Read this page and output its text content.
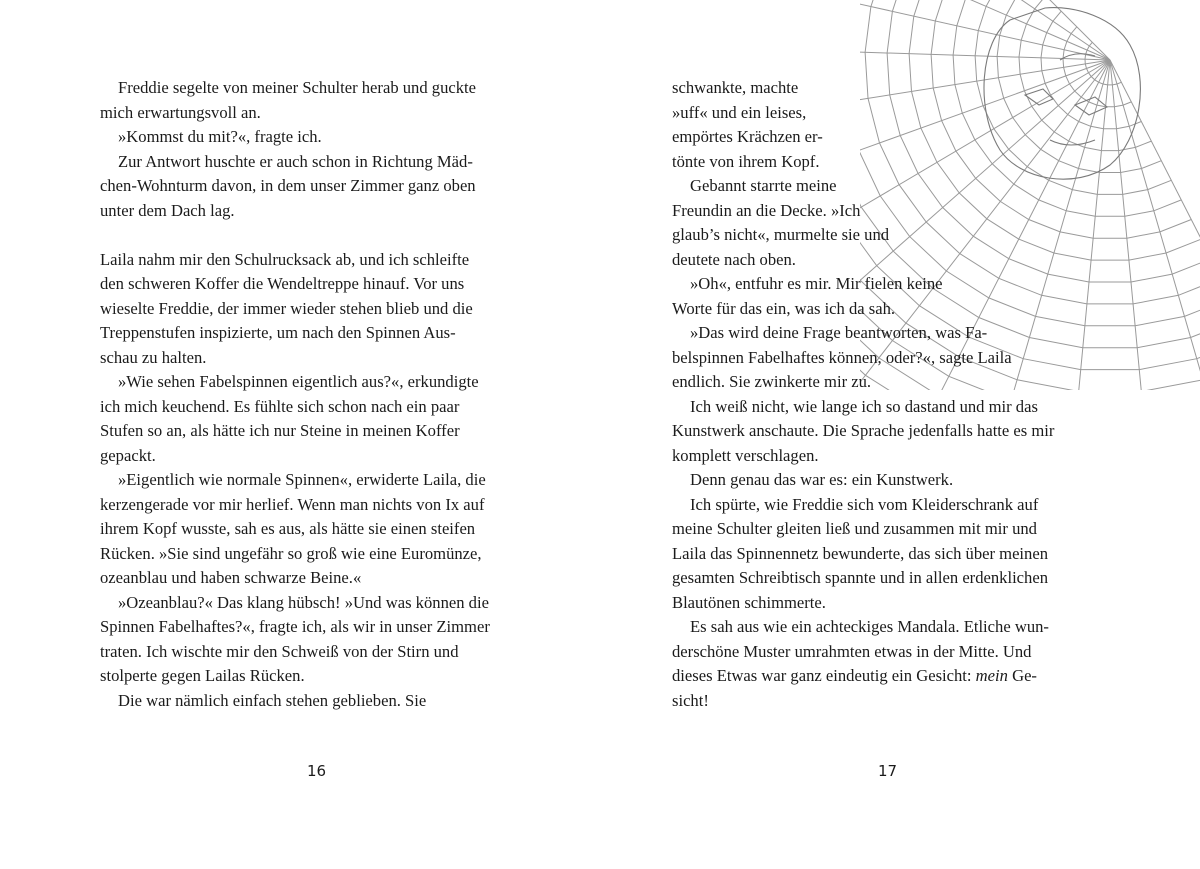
Freddie segelte von meiner Schulter herab und guckte
mich erwartungsvoll an.
»Kommst du mit?«, fragte ich.
Zur Antwort huschte er auch schon in Richtung Mäd-
chen-Wohnturm davon, in dem unser Zimmer ganz oben
unter dem Dach lag.
Laila nahm mir den Schulrucksack ab, und ich schleifte
den schweren Koffer die Wendeltreppe hinauf. Vor uns
wieselte Freddie, der immer wieder stehen blieb und die
Treppenstufen inspizierte, um nach den Spinnen Aus-
schau zu halten.
»Wie sehen Fabelspinnen eigentlich aus?«, erkundigte
ich mich keuchend. Es fühlte sich schon nach ein paar
Stufen so an, als hätte ich nur Steine in meinen Koffer
gepackt.
»Eigentlich wie normale Spinnen«, erwiderte Laila, die
kerzengerade vor mir herlief. Wenn man nichts von Ix auf
ihrem Kopf wusste, sah es aus, als hätte sie einen steifen
Rücken. »Sie sind ungefähr so groß wie eine Euromünze,
ozeanblau und haben schwarze Beine.«
»Ozeanblau?« Das klang hübsch! »Und was können die
Spinnen Fabelhaftes?«, fragte ich, als wir in unser Zimmer
traten. Ich wischte mir den Schweiß von der Stirn und
stolperte gegen Lailas Rücken.
Die war nämlich einfach stehen geblieben. Sie
16
schwankte, machte
»uff« und ein leises,
empörtes Krächzen er-
tönte von ihrem Kopf.
Gebannt starrte meine
Freundin an die Decke. »Ich
glaub’s nicht«, murmelte sie und
deutete nach oben.
»Oh«, entfuhr es mir. Mir fielen keine
Worte für das ein, was ich da sah.
»Das wird deine Frage beantworten, was Fa-
belspinnen Fabelhaftes können, oder?«, sagte Laila
endlich. Sie zwinkerte mir zu.
Ich weiß nicht, wie lange ich so dastand und mir das
Kunstwerk anschaute. Die Sprache jedenfalls hatte es mir
komplett verschlagen.
Denn genau das war es: ein Kunstwerk.
Ich spürte, wie Freddie sich vom Kleiderschrank auf
meine Schulter gleiten ließ und zusammen mit mir und
Laila das Spinnennetz bewunderte, das sich über meinen
gesamten Schreibtisch spannte und in allen erdenklichen
Blautönen schimmerte.
Es sah aus wie ein achteckiges Mandala. Etliche wun-
derschöne Muster umrahmten etwas in der Mitte. Und
dieses Etwas war ganz eindeutig ein Gesicht: mein Ge-
sicht!
17
